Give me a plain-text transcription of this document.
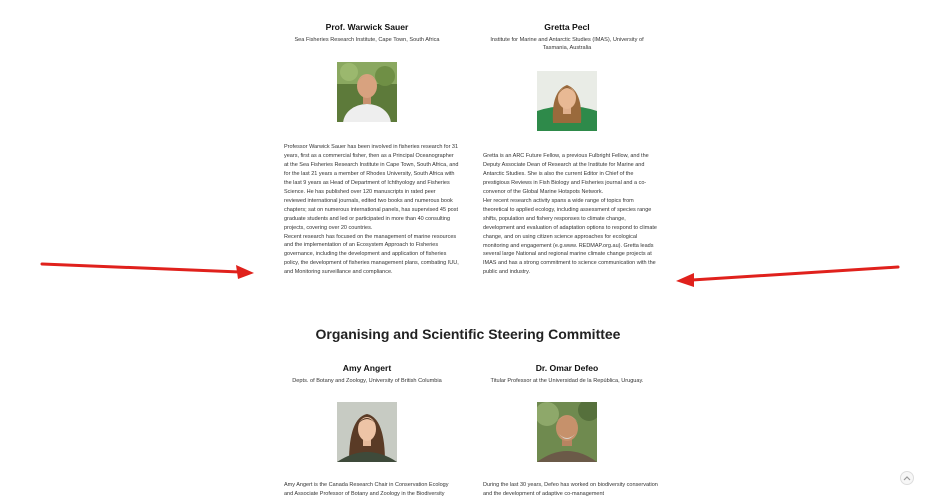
Prof. Warwick Sauer
Sea Fisheries Research Institute, Cape Town, South Africa

Professor Warwick Sauer has been involved in fisheries research for 31 years, first as a commercial fisher, then as a Principal Oceanographer at the Sea Fisheries Research Institute in Cape Town, South Africa, and for the last 21 years a member of Rhodes University, South Africa with the last 9 years as Head of Department of Ichthyology and Fisheries Science. He has published over 120 manuscripts in rated peer reviewed international journals, edited two books and numerous book chapters; sat on numerous international panels, has supervised 45 post graduate students and led or participated in more than 40 consulting projects, covering over 20 countries.

Recent research has focused on the management of marine resources and the implementation of an Ecosystem Approach to Fisheries governance, including the development and application of fisheries policy, the development of fisheries management plans, combating IUU, and Monitoring surveillance and compliance.

Gretta Pecl
Institute for Marine and Antarctic Studies (IMAS), University of Tasmania, Australia

Gretta is an ARC Future Fellow, a previous Fulbright Fellow, and the Deputy Associate Dean of Research at the Institute for Marine and Antarctic Studies. She is also the current Editor in Chief of the prestigious Reviews in Fish Biology and Fisheries journal and a co-convenor of the Global Marine Hotspots Network.

Her recent research activity spans a wide range of topics from theoretical to applied ecology, including assessment of species range shifts, population and fishery responses to climate change, development and evaluation of adaptation options to respond to climate change, and on using citizen science approaches for ecological monitoring and engagement (e.g.www. REDMAP.org.au). Gretta leads several large National and regional marine climate change projects at IMAS and has a strong commitment to science communication with the public and industry.

Organising and Scientific Steering Committee
Amy Angert
Depts. of Botany and Zoology, University of British Columbia

Amy Angert is the Canada Research Chair in Conservation Ecology and Associate Professor of Botany and Zoology in the Biodiversity

Dr. Omar Defeo
Titular Professor at the Universidad de la República, Uruguay.

During the last 30 years, Defeo has worked on biodiversity conservation and the development of adaptive co-management
